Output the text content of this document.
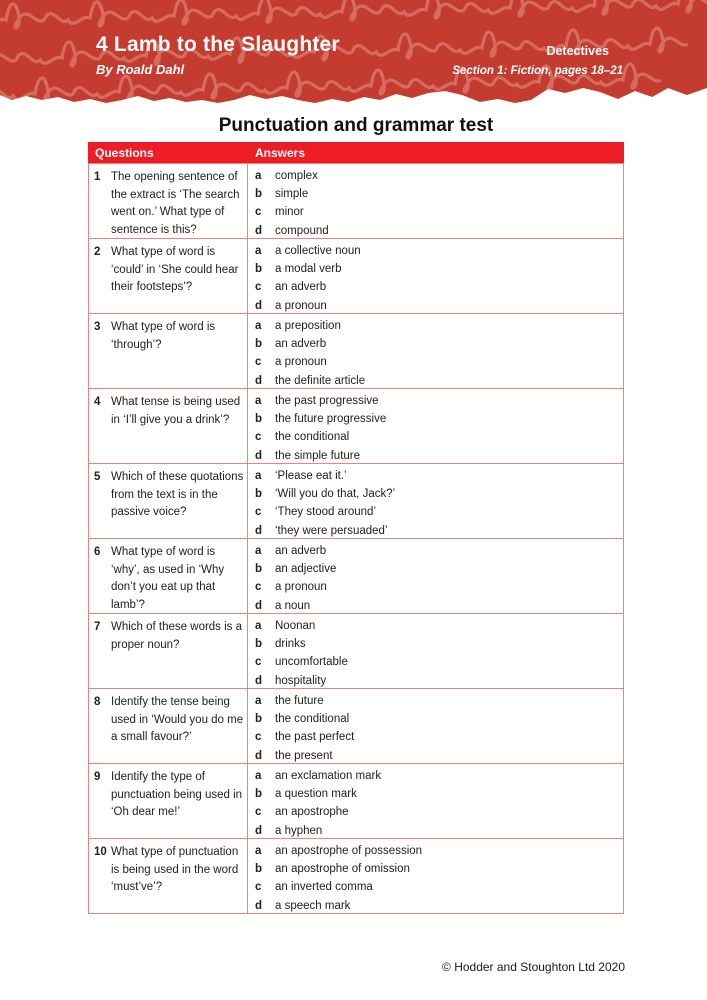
4 Lamb to the Slaughter
By Roald Dahl
Detectives
Section 1: Fiction, pages 18–21
Punctuation and grammar test
Questions	Answers
1 The opening sentence of the extract is ‘The search went on.’ What type of sentence is this?
a	complex
b	simple
c	minor
d	compound
2 What type of word is ‘could’ in ‘She could hear their footsteps’?
a	a collective noun
b	a modal verb
c	an adverb
d	a pronoun
3 What type of word is ‘through’?
a	a preposition
b	an adverb
c	a pronoun
d	the definite article
4 What tense is being used in ‘I’ll give you a drink’?
a	the past progressive
b	the future progressive
c	the conditional
d	the simple future
5 Which of these quotations from the text is in the passive voice?
a	‘Please eat it.’
b	‘Will you do that, Jack?’
c	‘They stood around’
d	‘they were persuaded’
6 What type of word is ‘why’, as used in ‘Why don’t you eat up that lamb’?
a	an adverb
b	an adjective
c	a pronoun
d	a noun
7 Which of these words is a proper noun?
a	Noonan
b	drinks
c	uncomfortable
d	hospitality
8 Identify the tense being used in ‘Would you do me a small favour?’
a	the future
b	the conditional
c	the past perfect
d	the present
9 Identify the type of punctuation being used in ‘Oh dear me!’
a	an exclamation mark
b	a question mark
c	an apostrophe
d	a hyphen
10 What type of punctuation is being used in the word ‘must’ve’?
a	an apostrophe of possession
b	an apostrophe of omission
c	an inverted comma
d	a speech mark
© Hodder and Stoughton Ltd 2020
